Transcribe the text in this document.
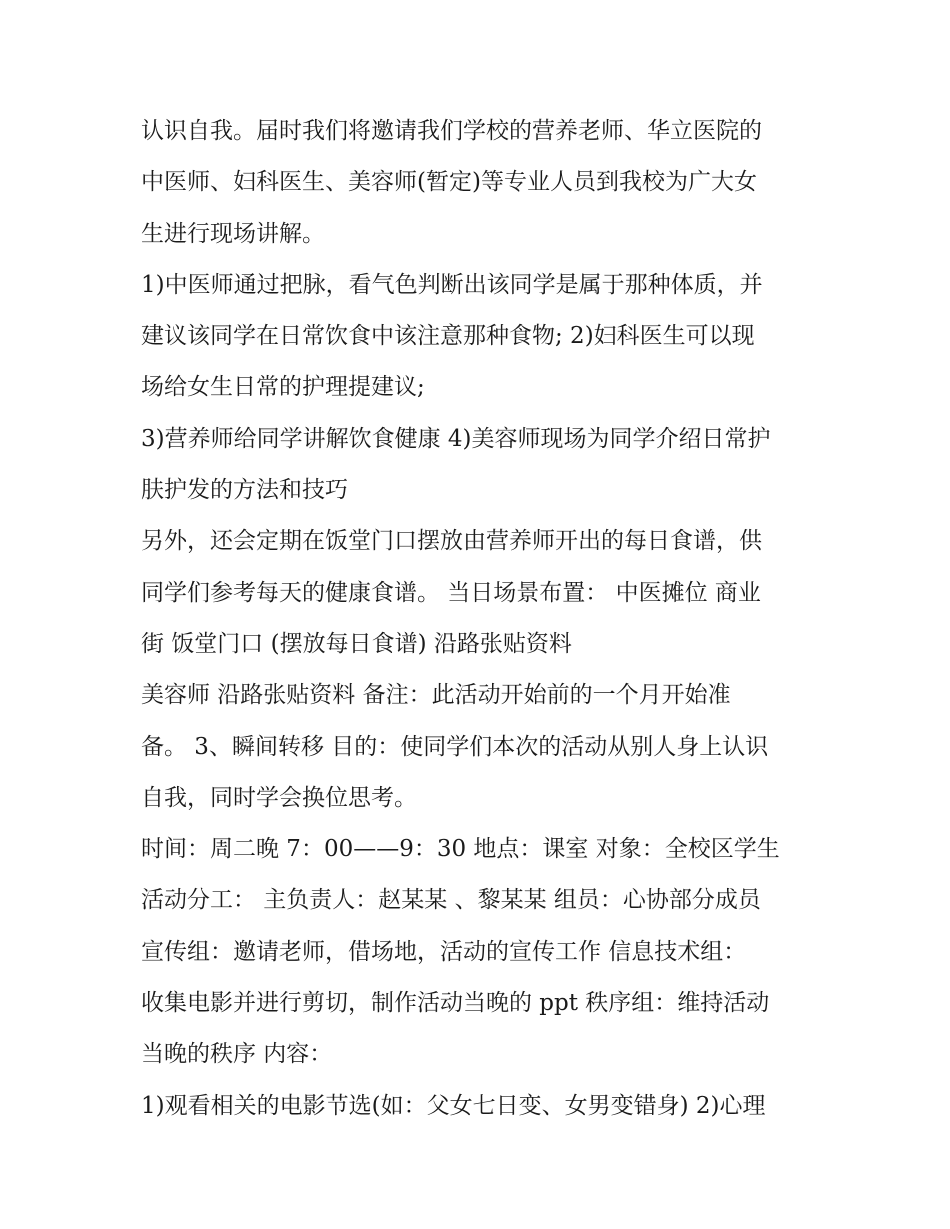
认识自我。届时我们将邀请我们学校的营养老师、华立医院的
中医师、妇科医生、美容师(暂定)等专业人员到我校为广大女
生进行现场讲解。
1)中医师通过把脉，看气色判断出该同学是属于那种体质，并
建议该同学在日常饮食中该注意那种食物; 2)妇科医生可以现
场给女生日常的护理提建议;
3)营养师给同学讲解饮食健康 4)美容师现场为同学介绍日常护
肤护发的方法和技巧
另外，还会定期在饭堂门口摆放由营养师开出的每日食谱，供
同学们参考每天的健康食谱。 当日场景布置： 中医摊位 商业
街 饭堂门口 (摆放每日食谱) 沿路张贴资料
美容师 沿路张贴资料 备注：此活动开始前的一个月开始准
备。 3、瞬间转移 目的：使同学们本次的活动从别人身上认识
自我，同时学会换位思考。
时间：周二晚 7：00——9：30 地点：课室 对象：全校区学生
活动分工： 主负责人：赵某某 、黎某某 组员：心协部分成员
宣传组：邀请老师，借场地，活动的宣传工作 信息技术组：
收集电影并进行剪切，制作活动当晚的 ppt 秩序组：维持活动
当晚的秩序 内容：
1)观看相关的电影节选(如：父女七日变、女男变错身) 2)心理
